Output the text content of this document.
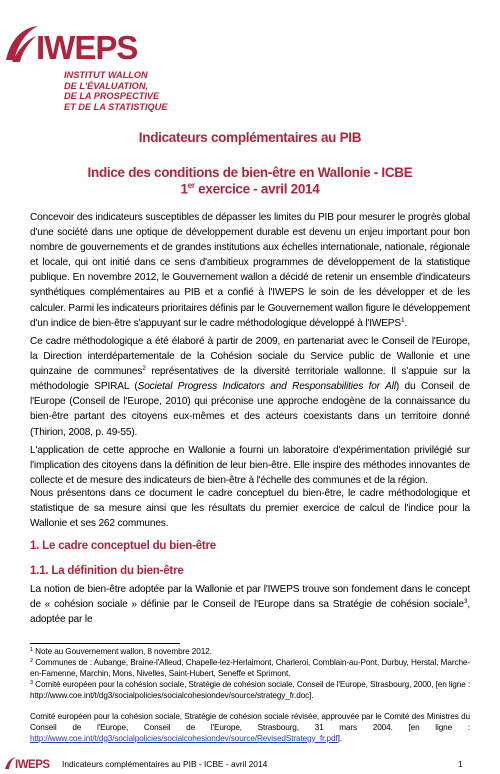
IWEPS
INSTITUT WALLON
DE L'ÉVALUATION,
DE LA PROSPECTIVE
ET DE LA STATISTIQUE
Indicateurs complémentaires au PIB
Indice des conditions de bien-être en Wallonie - ICBE
1er exercice - avril 2014
Concevoir des indicateurs susceptibles de dépasser les limites du PIB pour mesurer le progrès global d'une société dans une optique de développement durable est devenu un enjeu important pour bon nombre de gouvernements et de grandes institutions aux échelles internationale, nationale, régionale et locale, qui ont initié dans ce sens d'ambitieux programmes de développement de la statistique publique. En novembre 2012, le Gouvernement wallon a décidé de retenir un ensemble d'indicateurs synthétiques complémentaires au PIB et a confié à l'IWEPS le soin de les développer et de les calculer. Parmi les indicateurs prioritaires définis par le Gouvernement wallon figure le développement d'un indice de bien-être s'appuyant sur le cadre méthodologique développé à l'IWEPS$^1$.
Ce cadre méthodologique a été élaboré à partir de 2009, en partenariat avec le Conseil de l'Europe, la Direction interdépartementale de la Cohésion sociale du Service public de Wallonie et une quinzaine de communes$^2$ représentatives de la diversité territoriale wallonne. Il s'appuie sur la méthodologie SPIRAL (Societal Progress Indicators and Responsabilities for All) du Conseil de l'Europe (Conseil de l'Europe, 2010) qui préconise une approche endogène de la connaissance du bien-être partant des citoyens eux-mêmes et des acteurs coexistants dans un territoire donné (Thirion, 2008, p. 49-55).
L'application de cette approche en Wallonie a fourni un laboratoire d'expérimentation privilégié sur l'implication des citoyens dans la définition de leur bien-être. Elle inspire des méthodes innovantes de collecte et de mesure des indicateurs de bien-être à l'échelle des communes et de la région.
Nous présentons dans ce document le cadre conceptuel du bien-être, le cadre méthodologique et statistique de sa mesure ainsi que les résultats du premier exercice de calcul de l'indice pour la Wallonie et ses 262 communes.
1. Le cadre conceptuel du bien-être
1.1. La définition du bien-être
La notion de bien-être adoptée par la Wallonie et par l'IWEPS trouve son fondement dans le concept de « cohésion sociale » définie par le Conseil de l'Europe dans sa Stratégie de cohésion sociale$^3$, adoptée par le
$^1$ Note au Gouvernement wallon, 8 novembre 2012.
$^2$ Communes de : Aubange, Braine-l'Alleud, Chapelle-lez-Herlaimont, Charleroi, Comblain-au-Pont, Durbuy, Herstal, Marche-en-Famenne, Marchin, Mons, Nivelles, Saint-Hubert, Seneffe et Sprimont.
$^3$ Comité européen pour la cohésion sociale, Stratégie de cohésion sociale, Conseil de l'Europe, Strasbourg, 2000, [en ligne : http://www.coe.int/t/dg3/socialpolicies/socialcohesiondev/source/strategy_fr.doc].
Comité européen pour la cohésion sociale, Stratégie de cohésion sociale révisée, approuvée par le Comité des Ministres du Conseil de l'Europe, Conseil de l'Europe, Strasbourg, 31 mars 2004. [en ligne : http://www.coe.int/t/dg3/socialpolicies/socialcohesiondev/source/RevisedStrategy_fr.pdf].
IWEPS Indicateurs complémentaires au PIB - ICBE - avril 2014	1
